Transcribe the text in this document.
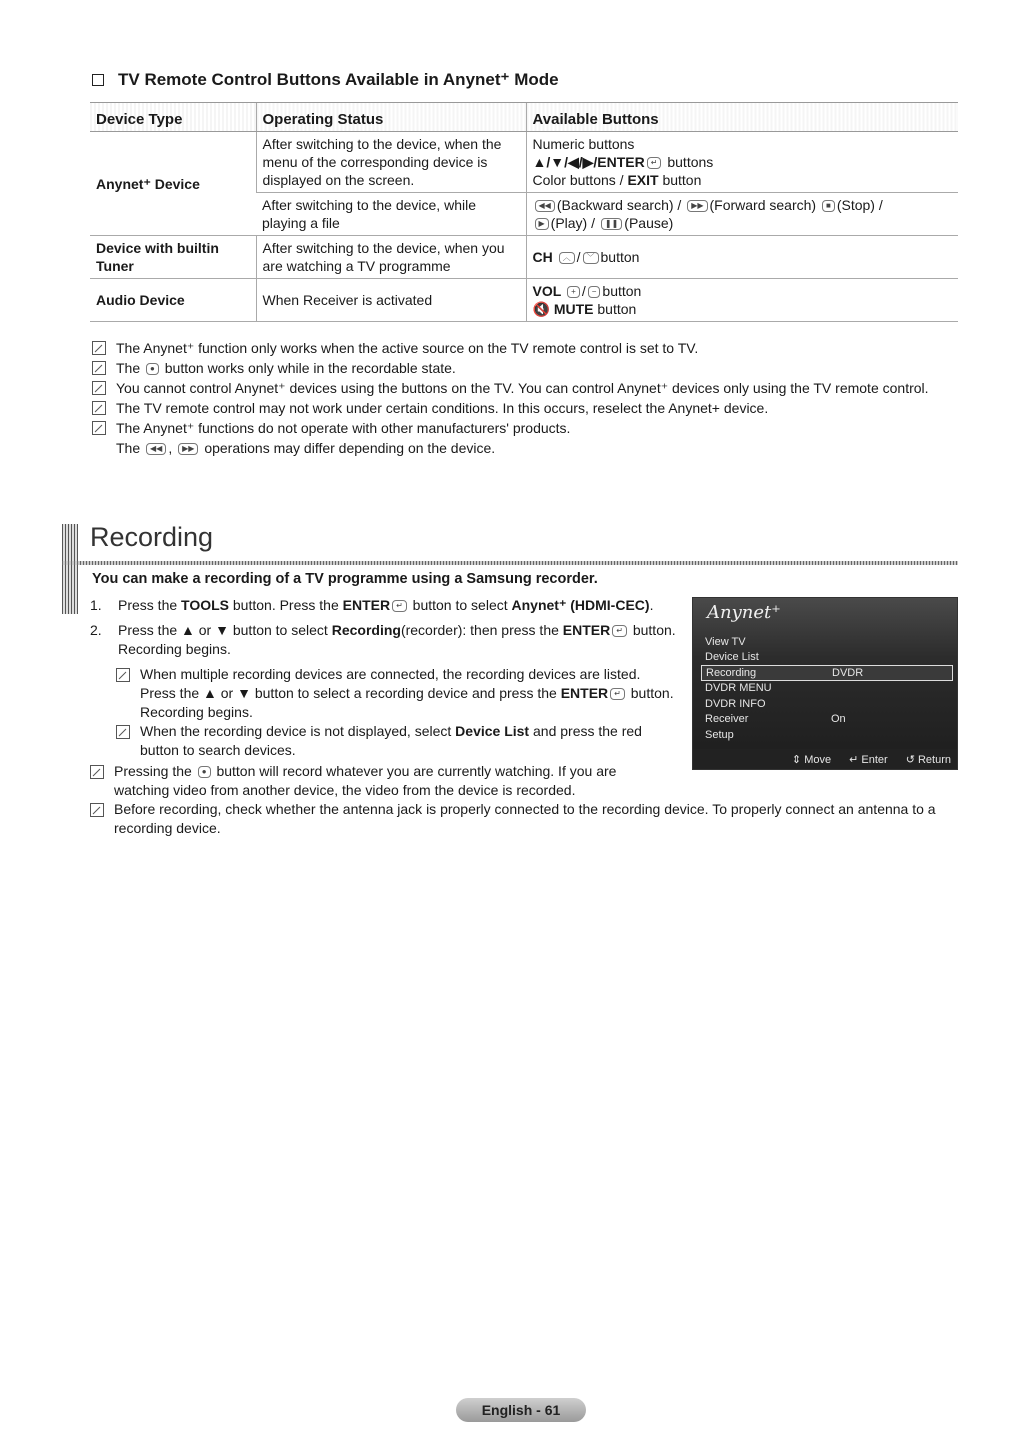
TV Remote Control Buttons Available in Anynet⁺ Mode
Device Type	Operating Status	Available Buttons
Anynet⁺ Device	After switching to the device, when the menu of the corresponding device is displayed on the screen.	Numeric buttons
▲/▼/◀/▶/ENTER ↵ buttons
Color buttons / EXIT button

	After switching to the device, while playing a file	◀◀ (Backward search) / ▶▶ (Forward search) ■ (Stop) /
▶ (Play) / ❚❚ (Pause)

Device with builtin Tuner	After switching to the device, when you are watching a TV programme	CH ︿ / ﹀ button
Audio Device	When Receiver is activated	VOL + / − button
🔇 MUTE button
The Anynet⁺ function only works when the active source on the TV remote control is set to TV.
The ● button works only while in the recordable state.
You cannot control Anynet⁺ devices using the buttons on the TV. You can control Anynet⁺ devices only using the TV remote control.
The TV remote control may not work under certain conditions. In this occurs, reselect the Anynet+ device.
The Anynet⁺ functions do not operate with other manufacturers' products.
The ◀◀ , ▶▶ operations may differ depending on the device.
Recording
You can make a recording of a TV programme using a Samsung recorder.
1.	Press the TOOLS button. Press the ENTER ↵ button to select Anynet⁺ (HDMI-CEC).
2.	Press the ▲ or ▼ button to select Recording(recorder): then press the ENTER ↵ button. Recording begins.
When multiple recording devices are connected, the recording devices are listed. Press the ▲ or ▼ button to select a recording device and press the ENTER ↵ button. Recording begins.
When the recording device is not displayed, select Device List and press the red button to search devices.
Pressing the ● button will record whatever you are currently watching. If you are watching video from another device, the video from the device is recorded.
Before recording, check whether the antenna jack is properly connected to the recording device. To properly connect an antenna to a recording device.
Anynet⁺
View TV
Device List
Recording	DVDR
DVDR MENU
DVDR INFO
Receiver	On
Setup
⇕ Move ↵ Enter ↺ Return
English - 61
